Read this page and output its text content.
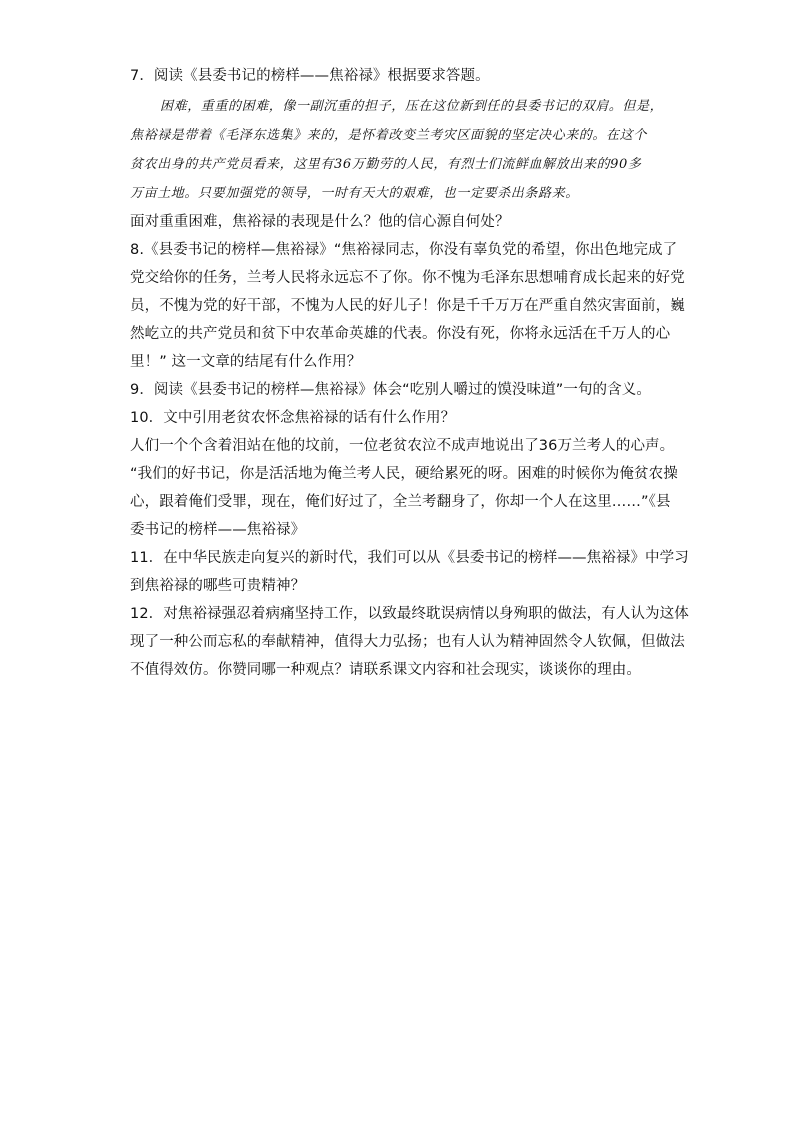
7．阅读《县委书记的榜样——焦裕禄》根据要求答题。
困难，重重的困难，像一副沉重的担子，压在这位新到任的县委书记的双肩。但是，
焦裕禄是带着《毛泽东选集》来的，是怀着改变兰考灾区面貌的坚定决心来的。在这个
贫农出身的共产党员看来，这里有36万勤劳的人民，有烈士们流鲜血解放出来的90多
万亩土地。只要加强党的领导，一时有天大的艰难，也一定要杀出条路来。
面对重重困难，焦裕禄的表现是什么？他的信心源自何处？
8.《县委书记的榜样—焦裕禄》“焦裕禄同志，你没有辜负党的希望，你出色地完成了
党交给你的任务，兰考人民将永远忘不了你。你不愧为毛泽东思想哺育成长起来的好党
员，不愧为党的好干部，不愧为人民的好儿子！你是千千万万在严重自然灾害面前，巍
然屹立的共产党员和贫下中农革命英雄的代表。你没有死，你将永远活在千万人的心
里！” 这一文章的结尾有什么作用？
9．阅读《县委书记的榜样—焦裕禄》体会“吃别人嚼过的馍没味道”一句的含义。
10．文中引用老贫农怀念焦裕禄的话有什么作用？
人们一个个含着泪站在他的坟前，一位老贫农泣不成声地说出了36万兰考人的心声。
“我们的好书记，你是活活地为俺兰考人民，硬给累死的呀。困难的时候你为俺贫农操
心，跟着俺们受罪，现在，俺们好过了，全兰考翻身了，你却一个人在这里……”《县
委书记的榜样——焦裕禄》
11．在中华民族走向复兴的新时代，我们可以从《县委书记的榜样——焦裕禄》中学习
到焦裕禄的哪些可贵精神？
12．对焦裕禄强忍着病痛坚持工作，以致最终耽误病情以身殉职的做法，有人认为这体
现了一种公而忘私的奉献精神，值得大力弘扬；也有人认为精神固然令人钦佩，但做法
不值得效仿。你赞同哪一种观点？请联系课文内容和社会现实，谈谈你的理由。
